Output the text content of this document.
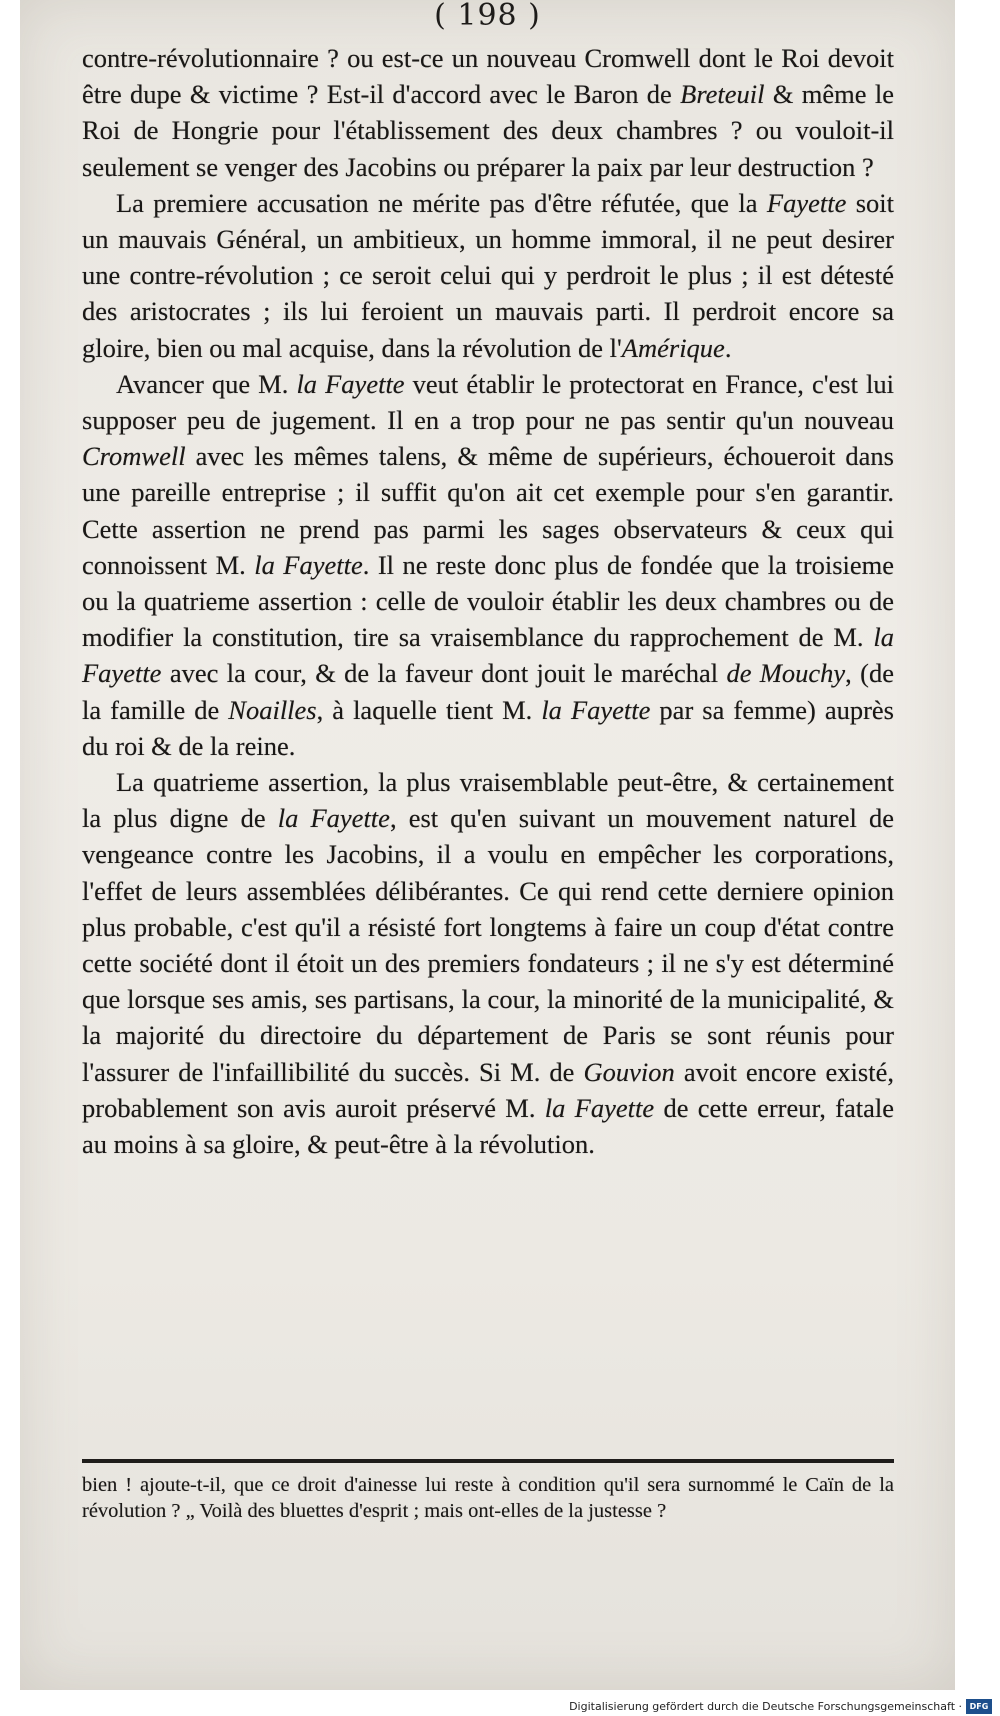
( 198 )

contre-révolutionnaire ? ou est-ce un nouveau Cromwell dont le Roi devoit être dupe & victime ? Est-il d'accord avec le Baron de Breteuil & même le Roi de Hongrie pour l'établissement des deux chambres ? ou vouloit-il seulement se venger des Jacobins ou préparer la paix par leur destruction ?

La premiere accusation ne mérite pas d'être réfutée, que la Fayette soit un mauvais Général, un ambitieux, un homme immoral, il ne peut desirer une contre-révolution ; ce seroit celui qui y perdroit le plus ; il est détesté des aristocrates ; ils lui feroient un mauvais parti. Il perdroit encore sa gloire, bien ou mal acquise, dans la révolution de l'Amérique.

Avancer que M. la Fayette veut établir le protectorat en France, c'est lui supposer peu de jugement. Il en a trop pour ne pas sentir qu'un nouveau Cromwell avec les mêmes talens, & même de supérieurs, échoueroit dans une pareille entreprise ; il suffit qu'on ait cet exemple pour s'en garantir. Cette assertion ne prend pas parmi les sages observateurs & ceux qui connoissent M. la Fayette. Il ne reste donc plus de fondée que la troisieme ou la quatrieme assertion : celle de vouloir établir les deux chambres ou de modifier la constitution, tire sa vraisemblance du rapprochement de M. la Fayette avec la cour, & de la faveur dont jouit le maréchal de Mouchy, (de la famille de Noailles, à laquelle tient M. la Fayette par sa femme) auprès du roi & de la reine.

La quatrieme assertion, la plus vraisemblable peut-être, & certainement la plus digne de la Fayette, est qu'en suivant un mouvement naturel de vengeance contre les Jacobins, il a voulu en empêcher les corporations, l'effet de leurs assemblées délibérantes. Ce qui rend cette derniere opinion plus probable, c'est qu'il a résisté fort longtems à faire un coup d'état contre cette société dont il étoit un des premiers fondateurs ; il ne s'y est déterminé que lorsque ses amis, ses partisans, la cour, la minorité de la municipalité, & la majorité du directoire du département de Paris se sont réunis pour l'assurer de l'infaillibilité du succès. Si M. de Gouvion avoit encore existé, probablement son avis auroit préservé M. la Fayette de cette erreur, fatale au moins à sa gloire, & peut-être à la révolution.

bien ! ajoute-t-il, que ce droit d'ainesse lui reste à condition qu'il sera surnommé le Caïn de la révolution ? „ Voilà des bluettes d'esprit ; mais ont-elles de la justesse ?

Digitalisierung gefördert durch die Deutsche Forschungsgemeinschaft · DFG
